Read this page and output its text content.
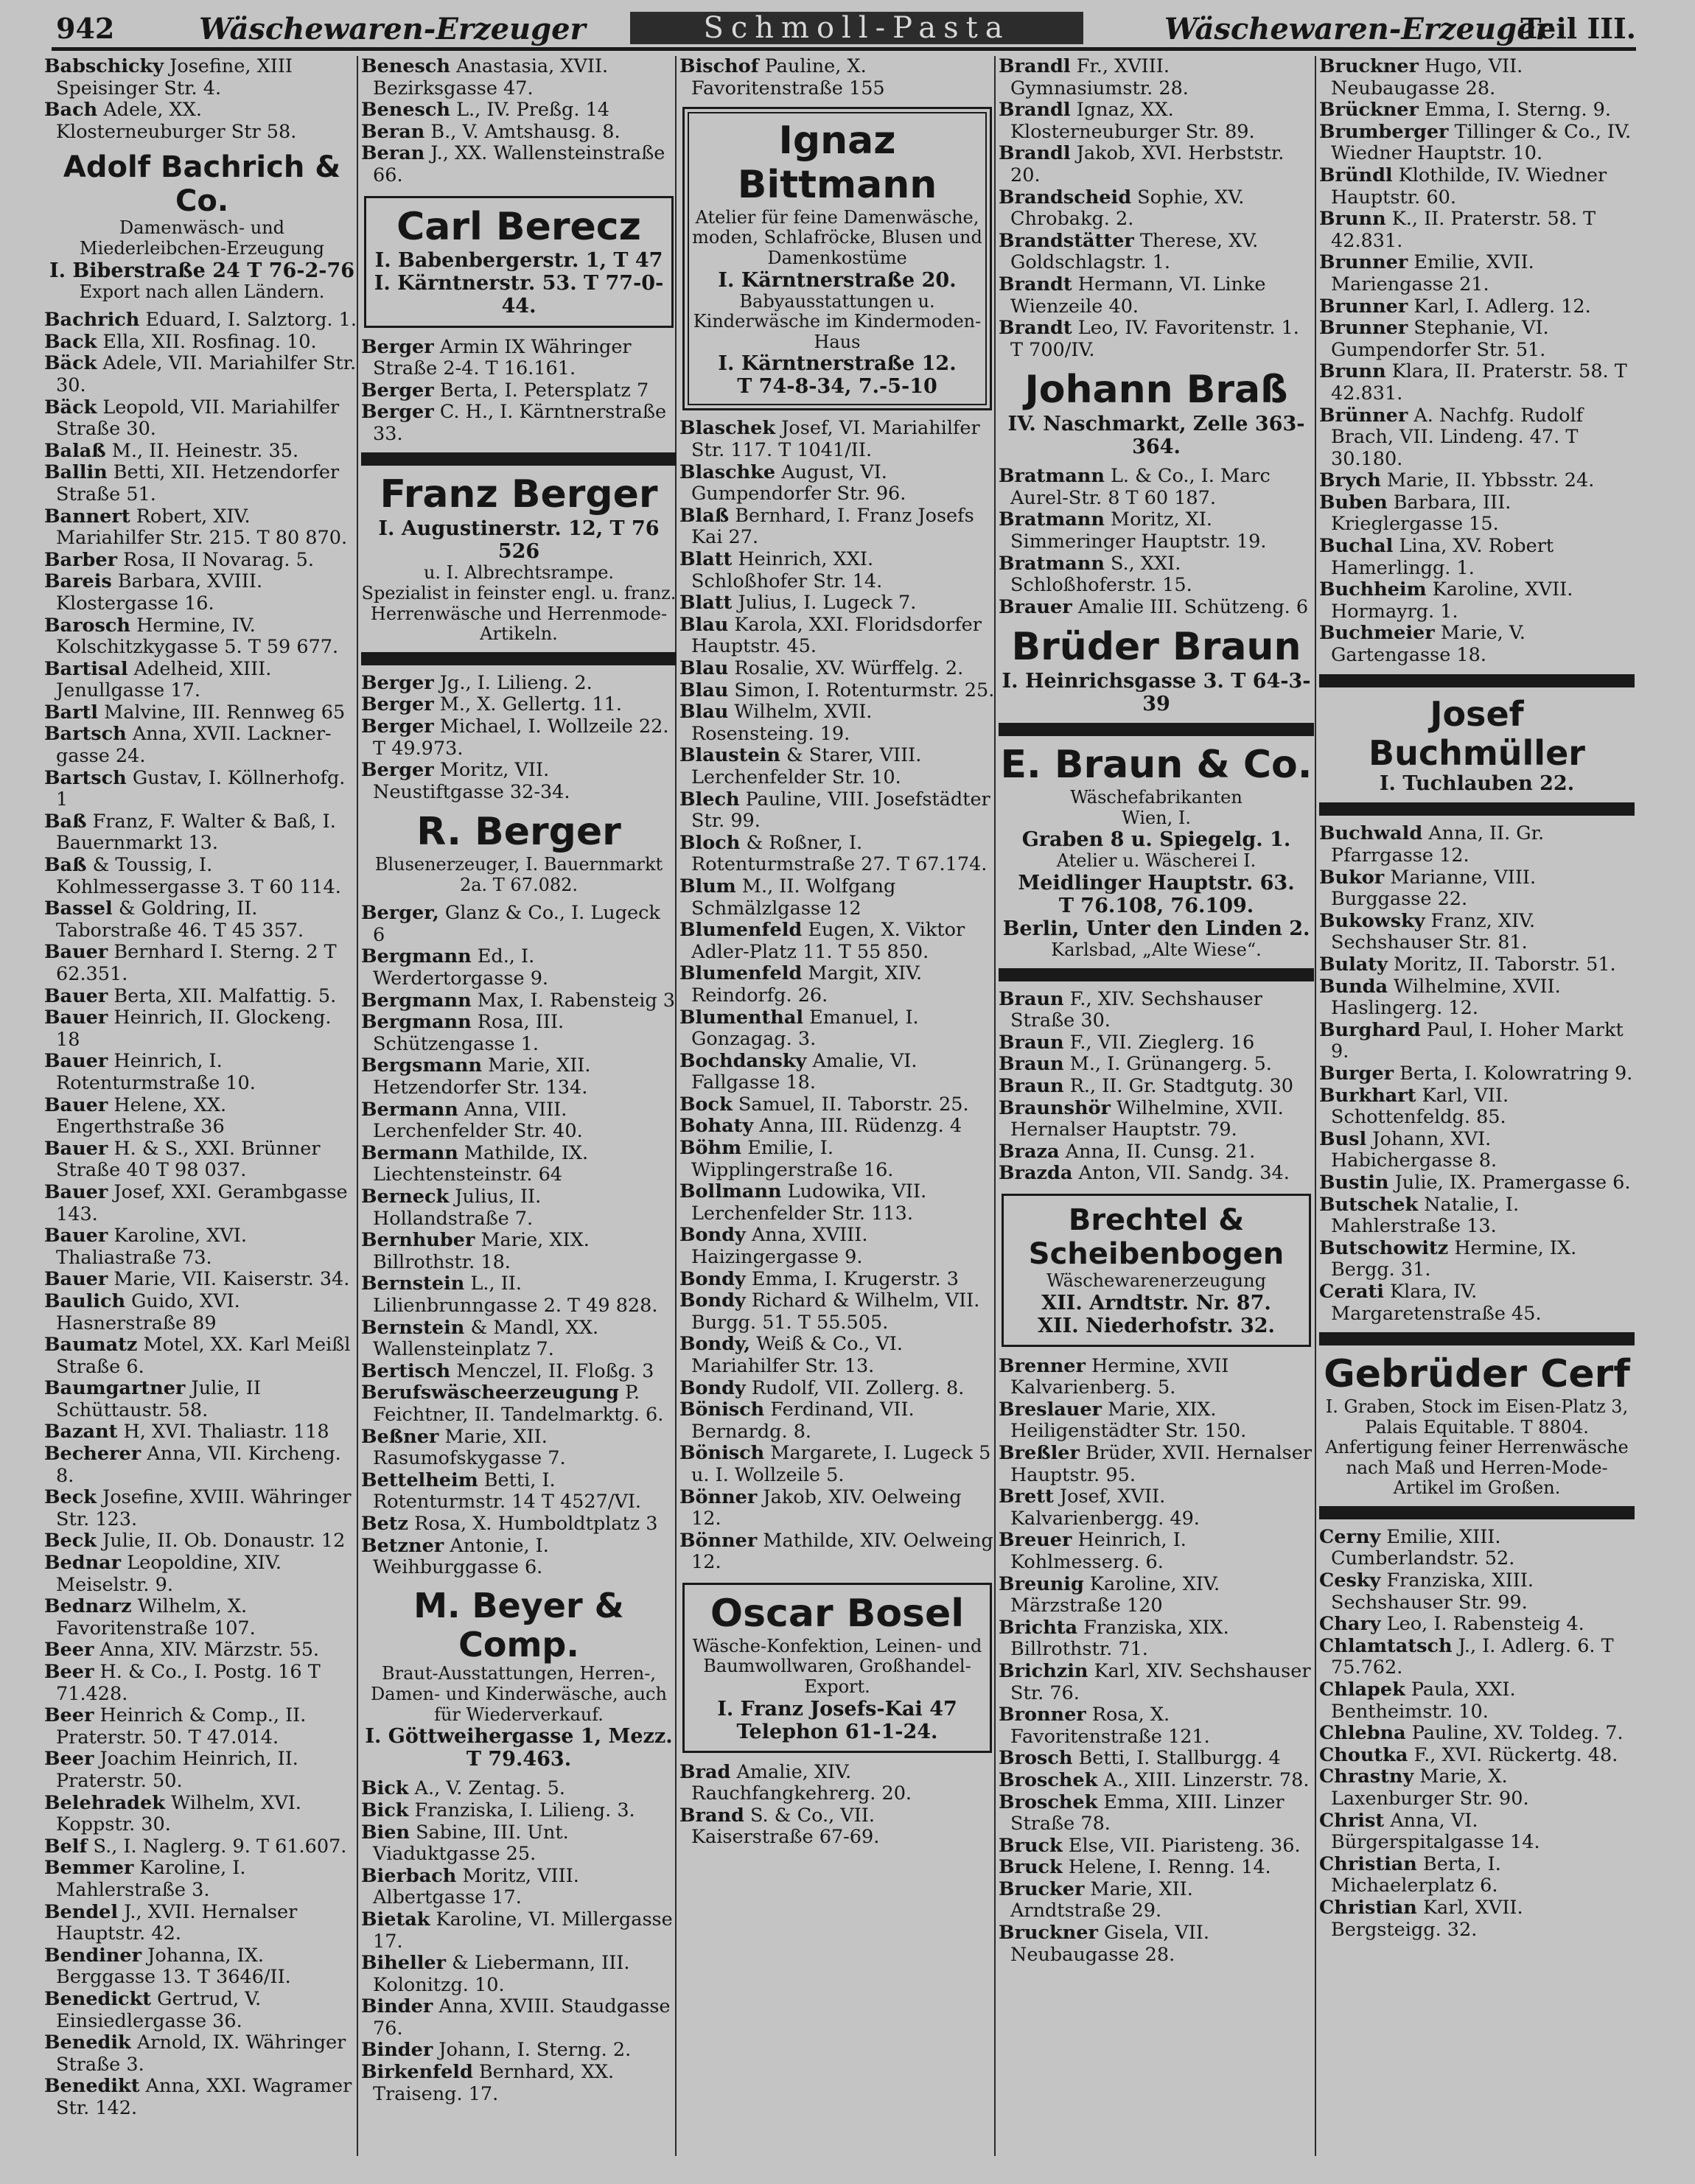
942	Wäschewaren-Erzeuger	Schmoll-Pasta	Wäschewaren-Erzeuger
Teil III.

Babschicky Josefine, XIII Speisinger Str. 4.

Bach Adele, XX. Klosterneuburger Str 58.

Adolf Bachrich & Co.
Damenwäsch- und Miederleibchen-Erzeugung
I. Biberstraße 24 T 76-2-76
Export nach allen Ländern.

Bachrich Eduard, I. Salztorg. 1.

Back Ella, XII. Rosfinag. 10.

Bäck Adele, VII. Mariahilfer Str. 30.

Bäck Leopold, VII. Mariahilfer Straße 30.

Balaß M., II. Heinestr. 35.

Ballin Betti, XII. Hetzendorfer Straße 51.

Bannert Robert, XIV. Mariahilfer Str. 215. T 80 870.

Barber Rosa, II Novarag. 5.

Bareis Barbara, XVIII. Klostergasse 16.

Barosch Hermine, IV. Kolschitzkygasse 5. T 59 677.

Bartisal Adelheid, XIII. Jenullgasse 17.

Bartl Malvine, III. Rennweg 65

Bartsch Anna, XVII. Lacknergasse 24.

Bartsch Gustav, I. Köllnerhofg. 1

Baß Franz, F. Walter & Baß, I. Bauernmarkt 13.

Baß & Toussig, I. Kohlmessergasse 3. T 60 114.

Bassel & Goldring, II. Taborstraße 46. T 45 357.

Bauer Bernhard I. Sterng. 2 T 62.351.

Bauer Berta, XII. Malfattig. 5.

Bauer Heinrich, II. Glockeng. 18

Bauer Heinrich, I. Rotenturmstraße 10.

Bauer Helene, XX. Engerthstraße 36

Bauer H. & S., XXI. Brünner Straße 40 T 98 037.

Bauer Josef, XXI. Gerambgasse 143.

Bauer Karoline, XVI. Thaliastraße 73.

Bauer Marie, VII. Kaiserstr. 34.

Baulich Guido, XVI. Hasnerstraße 89

Baumatz Motel, XX. Karl Meißl Straße 6.

Baumgartner Julie, II Schüttaustr. 58.

Bazant H, XVI. Thaliastr. 118

Becherer Anna, VII. Kircheng. 8.

Beck Josefine, XVIII. Währinger Str. 123.

Beck Julie, II. Ob. Donaustr. 12

Bednar Leopoldine, XIV. Meiselstr. 9.

Bednarz Wilhelm, X. Favoritenstraße 107.

Beer Anna, XIV. Märzstr. 55.

Beer H. & Co., I. Postg. 16 T 71.428.

Beer Heinrich & Comp., II. Praterstr. 50. T 47.014.

Beer Joachim Heinrich, II. Praterstr. 50.

Belehradek Wilhelm, XVI. Koppstr. 30.

Belf S., I. Naglerg. 9. T 61.607.

Bemmer Karoline, I. Mahlerstraße 3.

Bendel J., XVII. Hernalser Hauptstr. 42.

Bendiner Johanna, IX. Berggasse 13. T 3646/II.

Benedickt Gertrud, V. Einsiedlergasse 36.

Benedik Arnold, IX. Währinger Straße 3.

Benedikt Anna, XXI. Wagramer Str. 142.

Benesch Anastasia, XVII. Bezirksgasse 47.

Benesch L., IV. Preßg. 14

Beran B., V. Amtshausg. 8.

Beran J., XX. Wallensteinstraße 66.

Carl Berecz
I. Babenbergerstr. 1, T 47
I. Kärntnerstr. 53. T 77-0-44.

Berger Armin IX Währinger Straße 2-4. T 16.161.

Berger Berta, I. Petersplatz 7

Berger C. H., I. Kärntnerstraße 33.

Franz Berger
I. Augustinerstr. 12, T 76 526
u. I. Albrechtsrampe.
Spezialist in feinster engl. u. franz. Herrenwäsche und Herrenmode-Artikeln.

Berger Jg., I. Lilieng. 2.

Berger M., X. Gellertg. 11.

Berger Michael, I. Wollzeile 22. T 49.973.

Berger Moritz, VII. Neustiftgasse 32-34.

R. Berger
Blusenerzeuger, I. Bauernmarkt 2a. T 67.082.

Berger, Glanz & Co., I. Lugeck 6

Bergmann Ed., I. Werdertorgasse 9.

Bergmann Max, I. Rabensteig 3

Bergmann Rosa, III. Schützengasse 1.

Bergsmann Marie, XII. Hetzendorfer Str. 134.

Bermann Anna, VIII. Lerchenfelder Str. 40.

Bermann Mathilde, IX. Liechtensteinstr. 64

Berneck Julius, II. Hollandstraße 7.

Bernhuber Marie, XIX. Billrothstr. 18.

Bernstein L., II. Lilienbrunngasse 2. T 49 828.

Bernstein & Mandl, XX. Wallensteinplatz 7.

Bertisch Menczel, II. Floßg. 3

Berufswäscheerzeugung P. Feichtner, II. Tandelmarktg. 6.

Beßner Marie, XII. Rasumofskygasse 7.

Bettelheim Betti, I. Rotenturmstr. 14 T 4527/VI.

Betz Rosa, X. Humboldtplatz 3

Betzner Antonie, I. Weihburggasse 6.

M. Beyer & Comp.
Braut-Ausstattungen, Herren-, Damen- und Kinderwäsche, auch für Wiederverkauf.
I. Göttweihergasse 1, Mezz. T 79.463.

Bick A., V. Zentag. 5.

Bick Franziska, I. Lilieng. 3.

Bien Sabine, III. Unt. Viaduktgasse 25.

Bierbach Moritz, VIII. Albertgasse 17.

Bietak Karoline, VI. Millergasse 17.

Biheller & Liebermann, III. Kolonitzg. 10.

Binder Anna, XVIII. Staudgasse 76.

Binder Johann, I. Sterng. 2.

Birkenfeld Bernhard, XX. Traiseng. 17.

Bischof Pauline, X. Favoritenstraße 155

Ignaz Bittmann
Atelier für feine Damenwäsche, moden, Schlafröcke, Blusen und Damenkostüme
I. Kärntnerstraße 20.
Babyausstattungen u. Kinderwäsche im Kindermoden-Haus
I. Kärntnerstraße 12.
T 74-8-34, 7.-5-10

Blaschek Josef, VI. Mariahilfer Str. 117. T 1041/II.

Blaschke August, VI. Gumpendorfer Str. 96.

Blaß Bernhard, I. Franz Josefs Kai 27.

Blatt Heinrich, XXI. Schloßhofer Str. 14.

Blatt Julius, I. Lugeck 7.

Blau Karola, XXI. Floridsdorfer Hauptstr. 45.

Blau Rosalie, XV. Würffelg. 2.

Blau Simon, I. Rotenturmstr. 25.

Blau Wilhelm, XVII. Rosensteing. 19.

Blaustein & Starer, VIII. Lerchenfelder Str. 10.

Blech Pauline, VIII. Josefstädter Str. 99.

Bloch & Roßner, I. Rotenturmstraße 27. T 67.174.

Blum M., II. Wolfgang Schmälzlgasse 12

Blumenfeld Eugen, X. Viktor Adler-Platz 11. T 55 850.

Blumenfeld Margit, XIV. Reindorfg. 26.

Blumenthal Emanuel, I. Gonzagag. 3.

Bochdansky Amalie, VI. Fallgasse 18.

Bock Samuel, II. Taborstr. 25.

Bohaty Anna, III. Rüdenzg. 4

Böhm Emilie, I. Wipplingerstraße 16.

Bollmann Ludowika, VII. Lerchenfelder Str. 113.

Bondy Anna, XVIII. Haizingergasse 9.

Bondy Emma, I. Krugerstr. 3

Bondy Richard & Wilhelm, VII. Burgg. 51. T 55.505.

Bondy, Weiß & Co., VI. Mariahilfer Str. 13.

Bondy Rudolf, VII. Zollerg. 8.

Bönisch Ferdinand, VII. Bernardg. 8.

Bönisch Margarete, I. Lugeck 5 u. I. Wollzeile 5.

Bönner Jakob, XIV. Oelweing 12.

Bönner Mathilde, XIV. Oelweing 12.

Oscar Bosel
Wäsche-Konfektion, Leinen- und Baumwollwaren, Großhandel-Export.
I. Franz Josefs-Kai 47
Telephon 61-1-24.

Brad Amalie, XIV. Rauchfangkehrerg. 20.

Brand S. & Co., VII. Kaiserstraße 67-69.

Brandl Fr., XVIII. Gymnasiumstr. 28.

Brandl Ignaz, XX. Klosterneuburger Str. 89.

Brandl Jakob, XVI. Herbststr. 20.

Brandscheid Sophie, XV. Chrobakg. 2.

Brandstätter Therese, XV. Goldschlagstr. 1.

Brandt Hermann, VI. Linke Wienzeile 40.

Brandt Leo, IV. Favoritenstr. 1. T 700/IV.

Johann Braß
IV. Naschmarkt, Zelle 363-364.

Bratmann L. & Co., I. Marc Aurel-Str. 8 T 60 187.

Bratmann Moritz, XI. Simmeringer Hauptstr. 19.

Bratmann S., XXI. Schloßhoferstr. 15.

Brauer Amalie III. Schützeng. 6

Brüder Braun
I. Heinrichsgasse 3. T 64-3-39
E. Braun & Co.
Wäschefabrikanten
Wien, I.
Graben 8 u. Spiegelg. 1.
Atelier u. Wäscherei I.
Meidlinger Hauptstr. 63.
T 76.108, 76.109.
Berlin, Unter den Linden 2.
Karlsbad, „Alte Wiese“.

Braun F., XIV. Sechshauser Straße 30.

Braun F., VII. Zieglerg. 16

Braun M., I. Grünangerg. 5.

Braun R., II. Gr. Stadtgutg. 30

Braunshör Wilhelmine, XVII. Hernalser Hauptstr. 79.

Braza Anna, II. Cunsg. 21.

Brazda Anton, VII. Sandg. 34.

Brechtel & Scheibenbogen
Wäschewarenerzeugung
XII. Arndtstr. Nr. 87.
XII. Niederhofstr. 32.

Brenner Hermine, XVII Kalvarienberg. 5.

Breslauer Marie, XIX. Heiligenstädter Str. 150.

Breßler Brüder, XVII. Hernalser Hauptstr. 95.

Brett Josef, XVII. Kalvarienbergg. 49.

Breuer Heinrich, I. Kohlmesserg. 6.

Breunig Karoline, XIV. Märzstraße 120

Brichta Franziska, XIX. Billrothstr. 71.

Brichzin Karl, XIV. Sechshauser Str. 76.

Bronner Rosa, X. Favoritenstraße 121.

Brosch Betti, I. Stallburgg. 4

Broschek A., XIII. Linzerstr. 78.

Broschek Emma, XIII. Linzer Straße 78.

Bruck Else, VII. Piaristeng. 36.

Bruck Helene, I. Renng. 14.

Brucker Marie, XII. Arndtstraße 29.

Bruckner Gisela, VII. Neubaugasse 28.

Bruckner Hugo, VII. Neubaugasse 28.

Brückner Emma, I. Sterng. 9.

Brumberger Tillinger & Co., IV. Wiedner Hauptstr. 10.

Bründl Klothilde, IV. Wiedner Hauptstr. 60.

Brunn K., II. Praterstr. 58. T 42.831.

Brunner Emilie, XVII. Mariengasse 21.

Brunner Karl, I. Adlerg. 12.

Brunner Stephanie, VI. Gumpendorfer Str. 51.

Brunn Klara, II. Praterstr. 58. T 42.831.

Brünner A. Nachfg. Rudolf Brach, VII. Lindeng. 47. T 30.180.

Brych Marie, II. Ybbsstr. 24.

Buben Barbara, III. Krieglergasse 15.

Buchal Lina, XV. Robert Hamerlingg. 1.

Buchheim Karoline, XVII. Hormayrg. 1.

Buchmeier Marie, V. Gartengasse 18.

Josef Buchmüller
I. Tuchlauben 22.

Buchwald Anna, II. Gr. Pfarrgasse 12.

Bukor Marianne, VIII. Burggasse 22.

Bukowsky Franz, XIV. Sechshauser Str. 81.

Bulaty Moritz, II. Taborstr. 51.

Bunda Wilhelmine, XVII. Haslingerg. 12.

Burghard Paul, I. Hoher Markt 9.

Burger Berta, I. Kolowratring 9.

Burkhart Karl, VII. Schottenfeldg. 85.

Busl Johann, XVI. Habichergasse 8.

Bustin Julie, IX. Pramergasse 6.

Butschek Natalie, I. Mahlerstraße 13.

Butschowitz Hermine, IX. Bergg. 31.

Cerati Klara, IV. Margaretenstraße 45.

Gebrüder Cerf
I. Graben, Stock im Eisen-Platz 3, Palais Equitable. T 8804.
Anfertigung feiner Herrenwäsche nach Maß und Herren-Mode-Artikel im Großen.

Cerny Emilie, XIII. Cumberlandstr. 52.

Cesky Franziska, XIII. Sechshauser Str. 99.

Chary Leo, I. Rabensteig 4.

Chlamtatsch J., I. Adlerg. 6. T 75.762.

Chlapek Paula, XXI. Bentheimstr. 10.

Chlebna Pauline, XV. Toldeg. 7.

Choutka F., XVI. Rückertg. 48.

Chrastny Marie, X. Laxenburger Str. 90.

Christ Anna, VI. Bürgerspitalgasse 14.

Christian Berta, I. Michaelerplatz 6.

Christian Karl, XVII. Bergsteigg. 32.
